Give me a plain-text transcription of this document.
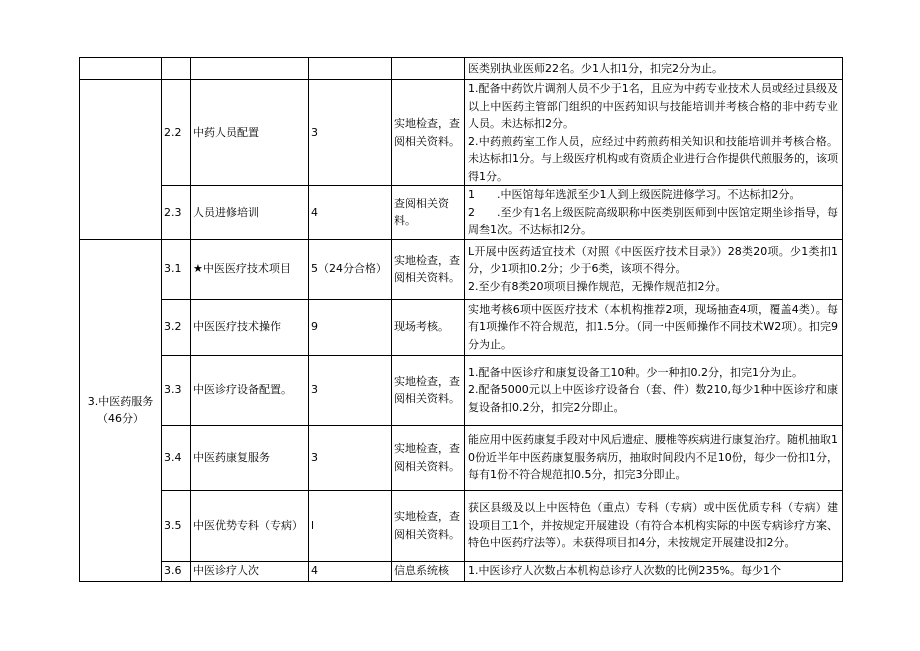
					医类别执业医师22名。少1人扣1分，扣完2分为止。

	2.2	中药人员配置	3	实地检查，查阅相关资料。	1.配备中药饮片调剂人员不少于1名，且应为中药专业技术人员或经过县级及以上中医药主管部门组织的中医药知识与技能培训并考核合格的非中药专业人员。未达标扣2分。
2.中药煎药室工作人员，应经过中药煎药相关知识和技能培训并考核合格。未达标扣1分。与上级医疗机构或有资质企业进行合作提供代煎服务的，该项得1分。

	2.3	人员进修培训	4	查阅相关资料。	1　　.中医馆每年选派至少1人到上级医院进修学习。不达标扣2分。
2　　.至少有1名上级医院高级职称中医类别医师到中医馆定期坐诊指导，每周叁1次。不达标扣2分。

3.中医药服务（46分）	3.1	★中医医疗技术项目	5（24分合格）	实地检查，查阅相关资料。	L开展中医药适宜技术（对照《中医医疗技术目录》）28类20项。少1类扣1分，少1项扣0.2分；少于6类，该项不得分。
2.至少有8类20项项目操作规范，无操作规范扣2分。

	3.2	中医医疗技术操作	9	现场考核。	实地考核6项中医医疗技术（本机构推荐2项，现场抽查4项，覆盖4类）。每有1项操作不符合规范，扣1.5分。（同一中医师操作不同技术W2项）。扣完9分为止。

	3.3	中医诊疗设备配置。	3	实地检查，查阅相关资料。	1.配备中医诊疗和康复设备工10种。少一种扣0.2分，扣完1分为止。
2.配备5000元以上中医诊疗设备台（套、件）数210,每少1种中医诊疗和康复设备扣0.2分，扣完2分即止。

	3.4	中医药康复服务	3	实地检查，查阅相关资料。	能应用中医药康复手段对中风后遗症、腰椎等疾病进行康复治疗。随机抽取10份近半年中医药康复服务病历，抽取时间段内不足10份，每少一份扣1分，每有1份不符合规范扣0.5分，扣完3分即止。

	3.5	中医优势专科（专病）	l	实地检查，查阅相关资料。	获区县级及以上中医特色（重点）专科（专病）或中医优质专科（专病）建设项目工1个，并按规定开展建设（有符合本机构实际的中医专病诊疗方案、特色中医药疗法等）。未获得项目扣4分，未按规定开展建设扣2分。

	3.6	中医诊疗人次	4	信息系统核	1.中医诊疗人次数占本机构总诊疗人次数的比例235%。每少1个
